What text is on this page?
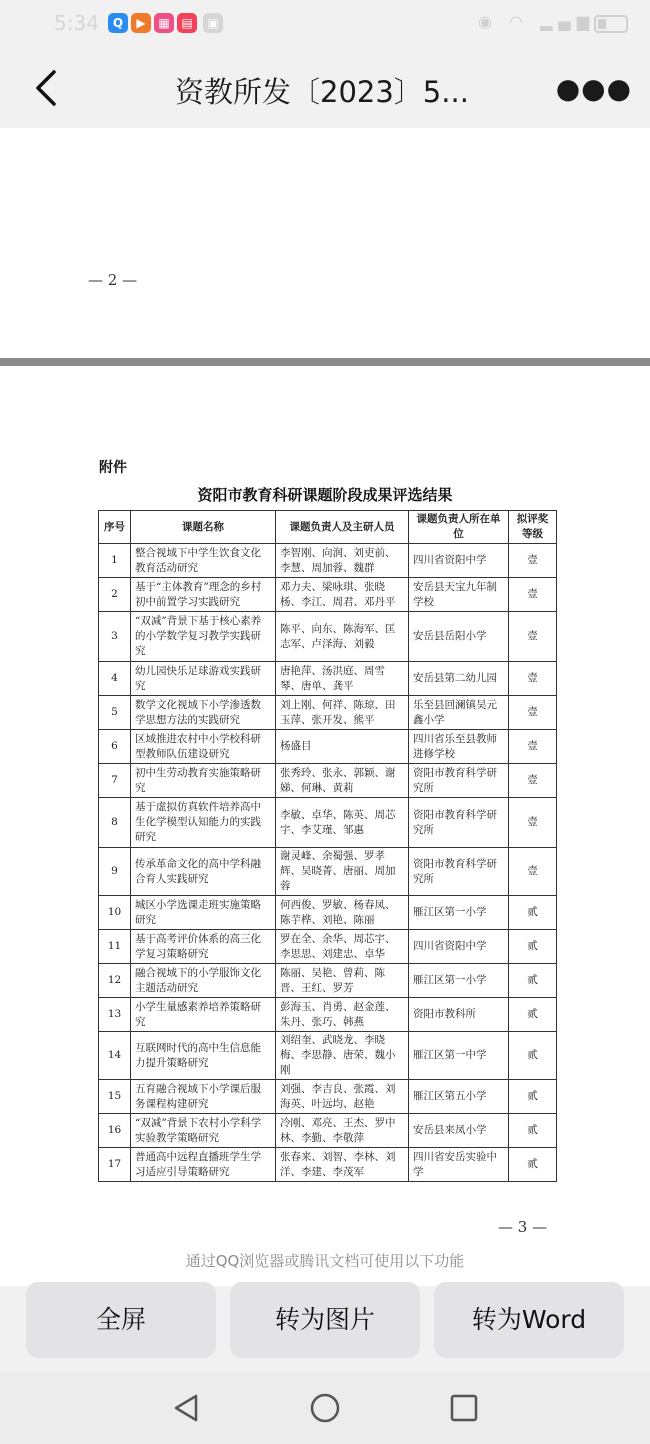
5:34	Q	▶	▦ ▤	▣	◉ ◠ ▂▄▆
资教所发〔2023〕5...	●●●
— 2 —
附件
资阳市教育科研课题阶段成果评选结果
序号	课题名称	课题负责人及主研人员	课题负责人所在单位	拟评奖等级
1	整合视域下中学生饮食文化教育活动研究	李智刚、向润、刘吏前、李慧、周加蓉、魏群	四川省资阳中学	壹
2	基于“主体教育”理念的乡村初中前置学习实践研究	邓力夫、梁咏琪、张晓杨、李江、周君、邓丹平	安岳县天宝九年制学校	壹
3	“双减”背景下基于核心素养的小学数学复习教学实践研究	陈平、向东、陈海军、匡志军、卢泽海、刘毅	安岳县岳阳小学	壹
4	幼儿园快乐足球游戏实践研究	唐艳萍、汤洪庭、周雪琴、唐单、龚平	安岳县第二幼儿园	壹
5	数学文化视域下小学渗透数学思想方法的实践研究	刘上刚、何祥、陈琼、田玉萍、张开发、熊平	乐至县回澜镇吴元鑫小学	壹
6	区域推进农村中小学校科研型教师队伍建设研究	杨盛目	四川省乐至县教师进修学校	壹
7	初中生劳动教育实施策略研究	张秀玲、张永、郭颖、谢娣、何琳、黄莉	资阳市教育科学研究所	壹
8	基于虚拟仿真软件培养高中生化学模型认知能力的实践研究	李敏、卓华、陈英、周芯宇、李艾瑾、邹惠	资阳市教育科学研究所	壹
9	传承革命文化的高中学科融合育人实践研究	谢灵峰、余蜀强、罗孝辉、吴晓菁、唐丽、周加蓉	资阳市教育科学研究所	壹
10	城区小学选课走班实施策略研究	何西俊、罗敏、杨春凤、陈芋桦、刘艳、陈丽	雁江区第一小学	贰
11	基于高考评价体系的高三化学复习策略研究	罗在全、余华、周芯宇、李思思、刘建忠、卓华	四川省资阳中学	贰
12	融合视域下的小学服饰文化主题活动研究	陈丽、吴艳、曾莉、陈晋、王红、罗芳	雁江区第一小学	贰
13	小学生量感素养培养策略研究	彭海玉、肖勇、赵金莲、朱丹、张巧、韩燕	资阳市教科所	贰
14	互联网时代的高中生信息能力提升策略研究	刘绍奎、武晓龙、李晓梅、李思静、唐荣、魏小刚	雁江区第一中学	贰
15	五育融合视域下小学课后服务课程构建研究	刘强、李吉良、张霞、刘海英、叶远均、赵艳	雁江区第五小学	贰
16	“双减”背景下农村小学科学实验教学策略研究	冷刚、邓亮、王杰、罗中林、李勤、李敬萍	安岳县来凤小学	贰
17	普通高中远程直播班学生学习适应引导策略研究	张春来、刘智、李林、刘洋、李建、李茂军	四川省安岳实验中学	贰
— 3 —
通过QQ浏览器或腾讯文档可使用以下功能
全屏	转为图片	转为Word
